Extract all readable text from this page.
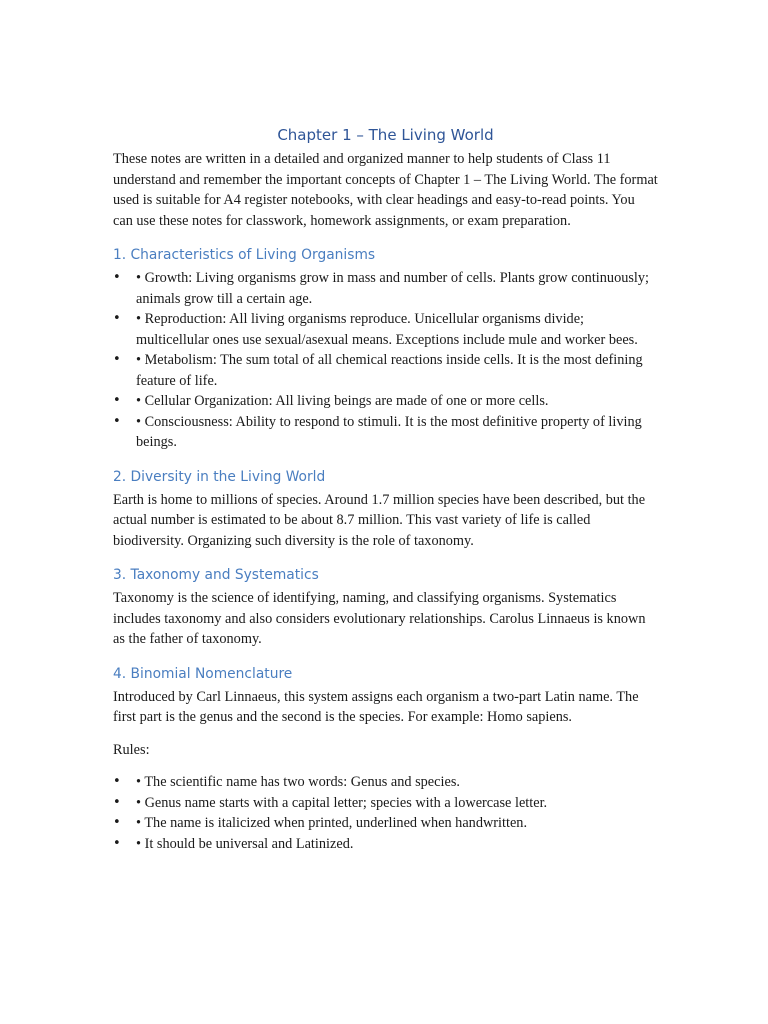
Chapter 1 – The Living World

These notes are written in a detailed and organized manner to help students of Class 11 understand and remember the important concepts of Chapter 1 – The Living World. The format used is suitable for A4 register notebooks, with clear headings and easy-to-read points. You can use these notes for classwork, homework assignments, or exam preparation.

1. Characteristics of Living Organisms
• • Growth: Living organisms grow in mass and number of cells. Plants grow continuously; animals grow till a certain age.
• • Reproduction: All living organisms reproduce. Unicellular organisms divide; multicellular ones use sexual/asexual means. Exceptions include mule and worker bees.
• • Metabolism: The sum total of all chemical reactions inside cells. It is the most defining feature of life.
• • Cellular Organization: All living beings are made of one or more cells.
• • Consciousness: Ability to respond to stimuli. It is the most definitive property of living beings.
2. Diversity in the Living World

Earth is home to millions of species. Around 1.7 million species have been described, but the actual number is estimated to be about 8.7 million. This vast variety of life is called biodiversity. Organizing such diversity is the role of taxonomy.

3. Taxonomy and Systematics

Taxonomy is the science of identifying, naming, and classifying organisms. Systematics includes taxonomy and also considers evolutionary relationships. Carolus Linnaeus is known as the father of taxonomy.

4. Binomial Nomenclature

Introduced by Carl Linnaeus, this system assigns each organism a two-part Latin name. The first part is the genus and the second is the species. For example: Homo sapiens.

Rules:

• • The scientific name has two words: Genus and species.
• • Genus name starts with a capital letter; species with a lowercase letter.
• • The name is italicized when printed, underlined when handwritten.
• • It should be universal and Latinized.
